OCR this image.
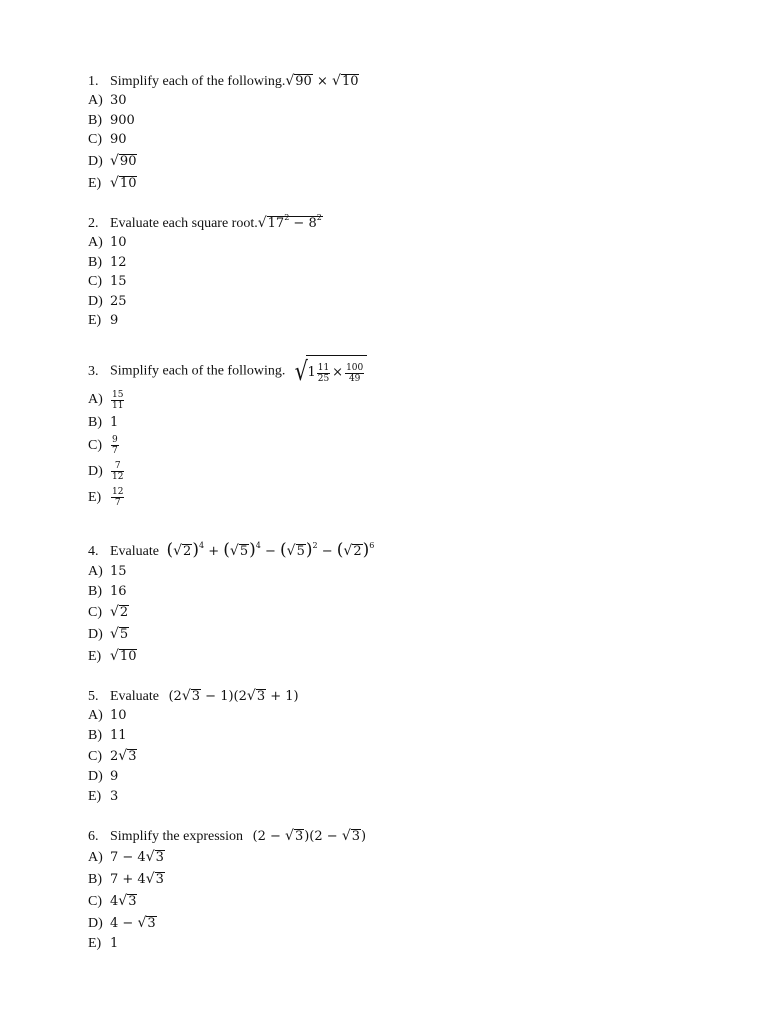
1. Simplify each of the following.√90 × √10
A) 30
B) 900
C) 90
D) √90
E) √10
2. Evaluate each square $root.√17^2 - 8^2$
A) 10
B) 12
C) 15
D) 25
E) 9
3. Simplify each of the following. √ $1 \frac{11}{25} \times \frac{100}{49}$
$A) \frac{15}{11}$
B) 1
C)	$\frac{9}{7}$
$D) \frac{7}{12}$
E)	$\frac{12}{7}$
4. Evaluate $(√2)^4 + (√5)^4 - (√5)^2 - (√2)^6$
A) 15
B) 16
C) √2
D) √5
E) √10
5. Evaluate (2√3 − 1)(2√3 + 1)
A) 10
B) 11
C) 2√3
D) 9
E) 3
6. Simplify the expression (2 − √3)(2 − √3)
A) 7 − 4√3
B) 7 + 4√3
C) 4√3
D) 4 − √3
E) 1
